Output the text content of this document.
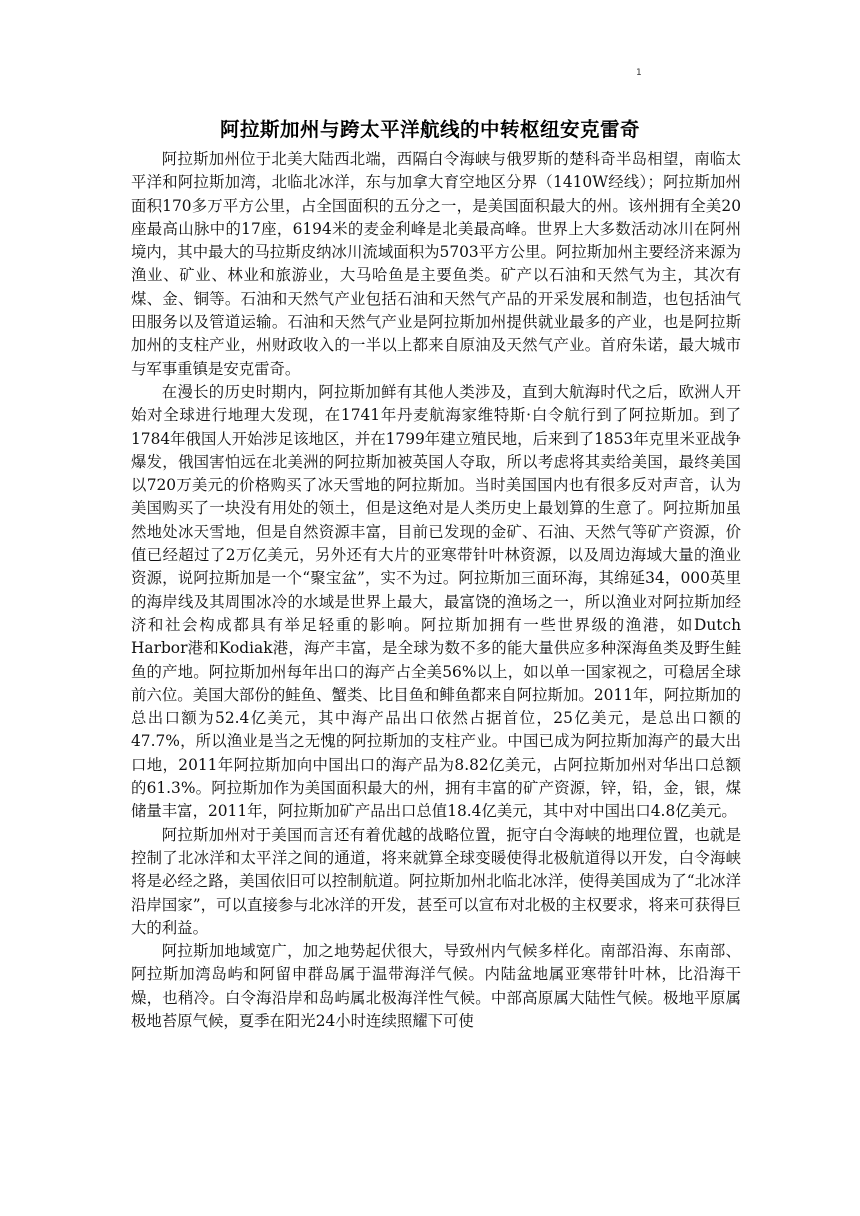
1
阿拉斯加州与跨太平洋航线的中转枢纽安克雷奇

阿拉斯加州位于北美大陆西北端，西隔白令海峡与俄罗斯的楚科奇半岛相望，南临太平洋和阿拉斯加湾，北临北冰洋，东与加拿大育空地区分界（1410W经线）；阿拉斯加州面积170多万平方公里，占全国面积的五分之一，是美国面积最大的州。该州拥有全美20座最高山脉中的17座，6194米的麦金利峰是北美最高峰。世界上大多数活动冰川在阿州境内，其中最大的马拉斯皮纳冰川流域面积为5703平方公里。阿拉斯加州主要经济来源为渔业、矿业、林业和旅游业，大马哈鱼是主要鱼类。矿产以石油和天然气为主，其次有煤、金、铜等。石油和天然气产业包括石油和天然气产品的开采发展和制造，也包括油气田服务以及管道运输。石油和天然气产业是阿拉斯加州提供就业最多的产业，也是阿拉斯加州的支柱产业，州财政收入的一半以上都来自原油及天然气产业。首府朱诺，最大城市与军事重镇是安克雷奇。

在漫长的历史时期内，阿拉斯加鲜有其他人类涉及，直到大航海时代之后，欧洲人开始对全球进行地理大发现，在1741年丹麦航海家维特斯·白令航行到了阿拉斯加。到了1784年俄国人开始涉足该地区，并在1799年建立殖民地，后来到了1853年克里米亚战争爆发，俄国害怕远在北美洲的阿拉斯加被英国人夺取，所以考虑将其卖给美国，最终美国以720万美元的价格购买了冰天雪地的阿拉斯加。当时美国国内也有很多反对声音，认为美国购买了一块没有用处的领土，但是这绝对是人类历史上最划算的生意了。阿拉斯加虽然地处冰天雪地，但是自然资源丰富，目前已发现的金矿、石油、天然气等矿产资源，价值已经超过了2万亿美元，另外还有大片的亚寒带针叶林资源，以及周边海域大量的渔业资源，说阿拉斯加是一个“聚宝盆”，实不为过。阿拉斯加三面环海，其绵延34，000英里的海岸线及其周围冰冷的水域是世界上最大，最富饶的渔场之一，所以渔业对阿拉斯加经济和社会构成都具有举足轻重的影响。阿拉斯加拥有一些世界级的渔港，如Dutch Harbor港和Kodiak港，海产丰富，是全球为数不多的能大量供应多种深海鱼类及野生鲑鱼的产地。阿拉斯加州每年出口的海产占全美56%以上，如以单一国家视之，可稳居全球前六位。美国大部份的鲑鱼、蟹类、比目鱼和鲱鱼都来自阿拉斯加。2011年，阿拉斯加的总出口额为52.4亿美元，其中海产品出口依然占据首位，25亿美元，是总出口额的47.7%，所以渔业是当之无愧的阿拉斯加的支柱产业。中国已成为阿拉斯加海产的最大出口地，2011年阿拉斯加向中国出口的海产品为8.82亿美元，占阿拉斯加州对华出口总额的61.3%。阿拉斯加作为美国面积最大的州，拥有丰富的矿产资源，锌，铅，金，银，煤储量丰富，2011年，阿拉斯加矿产品出口总值18.4亿美元，其中对中国出口4.8亿美元。

阿拉斯加州对于美国而言还有着优越的战略位置，扼守白令海峡的地理位置，也就是控制了北冰洋和太平洋之间的通道，将来就算全球变暖使得北极航道得以开发，白令海峡将是必经之路，美国依旧可以控制航道。阿拉斯加州北临北冰洋，使得美国成为了“北冰洋沿岸国家”，可以直接参与北冰洋的开发，甚至可以宣布对北极的主权要求，将来可获得巨大的利益。

阿拉斯加地域宽广，加之地势起伏很大，导致州内气候多样化。南部沿海、东南部、 阿拉斯加湾岛屿和阿留申群岛属于温带海洋气候。内陆盆地属亚寒带针叶林，比沿海干燥，也稍冷。白令海沿岸和岛屿属北极海洋性气候。中部高原属大陆性气候。极地平原属极地苔原气候，夏季在阳光24小时连续照耀下可使
